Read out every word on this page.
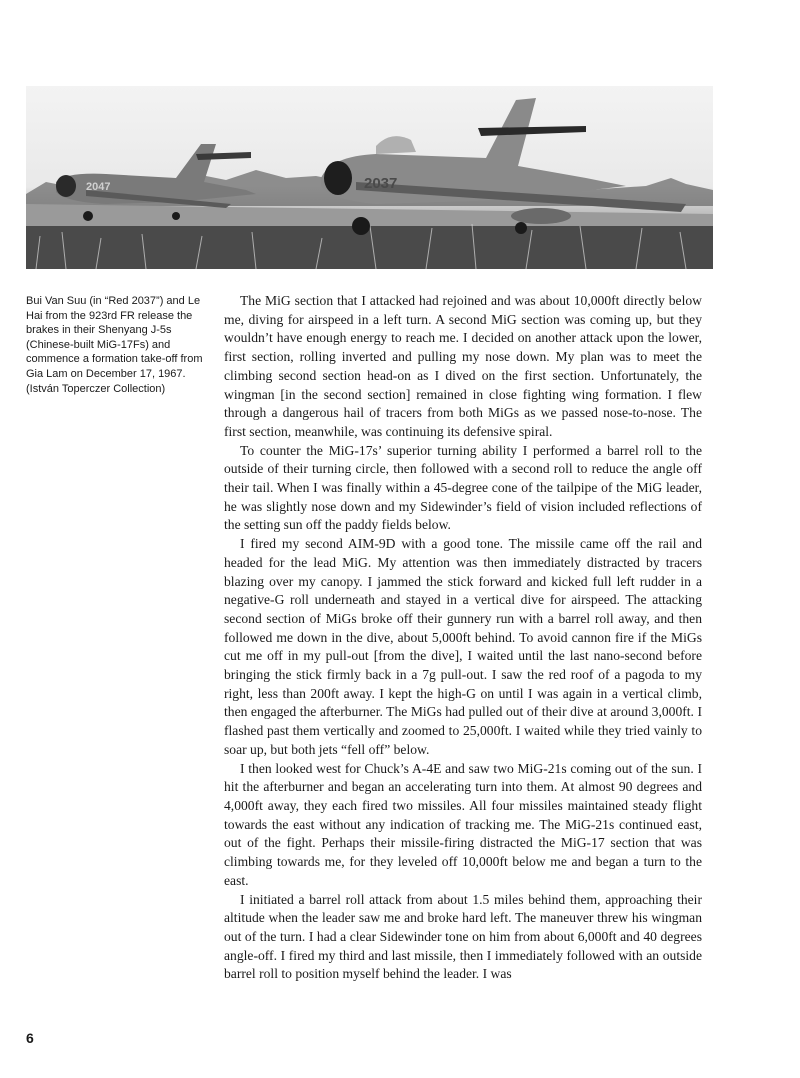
2047	2037
Bui Van Suu (in “Red 2037”) and Le Hai from the 923rd FR release the brakes in their Shenyang J-5s (Chinese-built MiG-17Fs) and commence a formation take-off from Gia Lam on December 17, 1967. (István Toperczer Collection)

The MiG section that I attacked had rejoined and was about 10,000ft directly below me, diving for airspeed in a left turn. A second MiG section was coming up, but they wouldn’t have enough energy to reach me. I decided on another attack upon the lower, first section, rolling inverted and pulling my nose down. My plan was to meet the climbing second section head-on as I dived on the first section. Unfortunately, the wingman [in the second section] remained in close fighting wing formation. I flew through a dangerous hail of tracers from both MiGs as we passed nose-to-nose. The first section, meanwhile, was continuing its defensive spiral.

To counter the MiG-17s’ superior turning ability I performed a barrel roll to the outside of their turning circle, then followed with a second roll to reduce the angle off their tail. When I was finally within a 45-degree cone of the tailpipe of the MiG leader, he was slightly nose down and my Sidewinder’s field of vision included reflections of the setting sun off the paddy fields below.

I fired my second AIM-9D with a good tone. The missile came off the rail and headed for the lead MiG. My attention was then immediately distracted by tracers blazing over my canopy. I jammed the stick forward and kicked full left rudder in a negative-G roll underneath and stayed in a vertical dive for airspeed. The attacking second section of MiGs broke off their gunnery run with a barrel roll away, and then followed me down in the dive, about 5,000ft behind. To avoid cannon fire if the MiGs cut me off in my pull-out [from the dive], I waited until the last nano-second before bringing the stick firmly back in a 7g pull-out. I saw the red roof of a pagoda to my right, less than 200ft away. I kept the high-G on until I was again in a vertical climb, then engaged the afterburner. The MiGs had pulled out of their dive at around 3,000ft. I flashed past them vertically and zoomed to 25,000ft. I waited while they tried vainly to soar up, but both jets “fell off” below.

I then looked west for Chuck’s A-4E and saw two MiG-21s coming out of the sun. I hit the afterburner and began an accelerating turn into them. At almost 90 degrees and 4,000ft away, they each fired two missiles. All four missiles maintained steady flight towards the east without any indication of tracking me. The MiG-21s continued east, out of the fight. Perhaps their missile-firing distracted the MiG-17 section that was climbing towards me, for they leveled off 10,000ft below me and began a turn to the east.

I initiated a barrel roll attack from about 1.5 miles behind them, approaching their altitude when the leader saw me and broke hard left. The maneuver threw his wingman out of the turn. I had a clear Sidewinder tone on him from about 6,000ft and 40 degrees angle-off. I fired my third and last missile, then I immediately followed with an outside barrel roll to position myself behind the leader. I was

6
